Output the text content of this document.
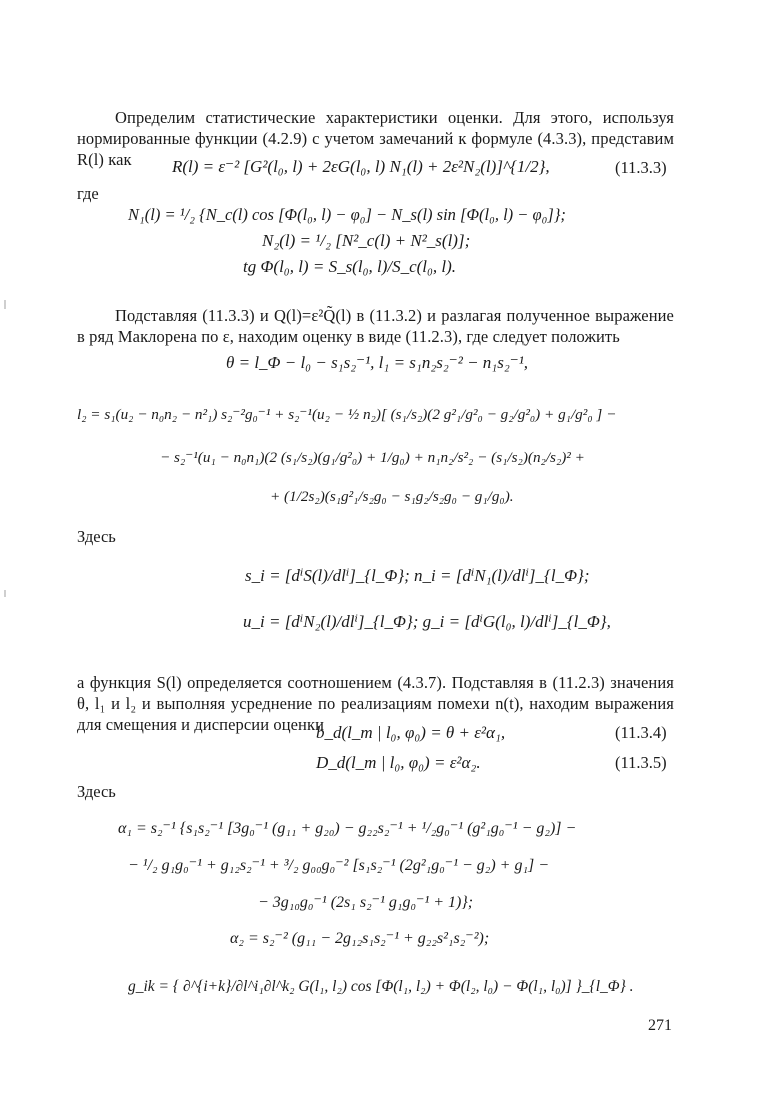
Определим статистические характеристики оценки. Для этого, используя нормированные функции (4.2.9) с учетом замечаний к формуле (4.3.3), представим R(l) как	R(l) = ε⁻² [G²(l₀, l) + 2εG(l₀, l) N₁(l) + 2ε²N₂(l)]^{1/2},	(11.3.3)
где
N₁(l) = ¹/₂ {N_c(l) cos [Φ(l₀, l) − φ₀] − N_s(l) sin [Φ(l₀, l) − φ₀]};
N₂(l) = ¹/₂ [N²_c(l) + N²_s(l)];
tg Φ(l₀, l) = S_s(l₀, l)/S_c(l₀, l).

Подставляя (11.3.3) и Q(l)=ε²Q̃(l) в (11.3.2) и разлагая полученное выражение в ряд Маклорена по ε, находим оценку в виде (11.2.3), где следует положить

θ = l_Φ − l₀ − s₁s₂⁻¹, l₁ = s₁n₂s₂⁻² − n₁s₂⁻¹,
l₂ = s₁(u₂ − n₀n₂ − n²₁) s₂⁻²g₀⁻¹ + s₂⁻¹(u₂ − ½ n₂)[ (s₁/s₂)(2 g²₁/g²₀ − g₂/g²₀) + g₁/g²₀ ] −
− s₂⁻¹(u₁ − n₀n₁)(2 (s₁/s₂)(g₁/g²₀) + 1/g₀) + n₁n₂/s²₂ − (s₁/s₂)(n₂/s₂)² +
+ (1/2s₂)(s₁g²₁/s₂g₀ − s₁g₂/s₂g₀ − g₁/g₀).
Здесь
s_i = [dⁱS(l)/dlⁱ]_{l_Φ}; n_i = [dⁱN₁(l)/dlⁱ]_{l_Φ};
u_i = [dⁱN₂(l)/dlⁱ]_{l_Φ}; g_i = [dⁱG(l₀, l)/dlⁱ]_{l_Φ},

а функция S(l) определяется соотношением (4.3.7). Подставляя в (11.2.3) значения θ, l₁ и l₂ и выполняя усреднение по реализациям помехи n(t), находим выражения для смещения и дисперсии оценки

b_d(l_m | l₀, φ₀) = θ + ε²α₁,	(11.3.4)
D_d(l_m | l₀, φ₀) = ε²α₂.	(11.3.5)
Здесь
α₁ = s₂⁻¹ {s₁s₂⁻¹ [3g₀⁻¹ (g₁₁ + g₂₀) − g₂₂s₂⁻¹ + ¹/₂g₀⁻¹ (g²₁g₀⁻¹ − g₂)] −
− ¹/₂ g₁g₀⁻¹ + g₁₂s₂⁻¹ + ³/₂ g₀₀g₀⁻² [s₁s₂⁻¹ (2g²₁g₀⁻¹ − g₂) + g₁] −
− 3g₁₀g₀⁻¹ (2s₁ s₂⁻¹ g₁g₀⁻¹ + 1)};
α₂ = s₂⁻² (g₁₁ − 2g₁₂s₁s₂⁻¹ + g₂₂s²₁s₂⁻²);
g_ik = { ∂^{i+k}/∂l^i₁∂l^k₂ G(l₁, l₂) cos [Φ(l₁, l₂) + Φ(l₂, l₀) − Φ(l₁, l₀)] }_{l_Φ} .
271
